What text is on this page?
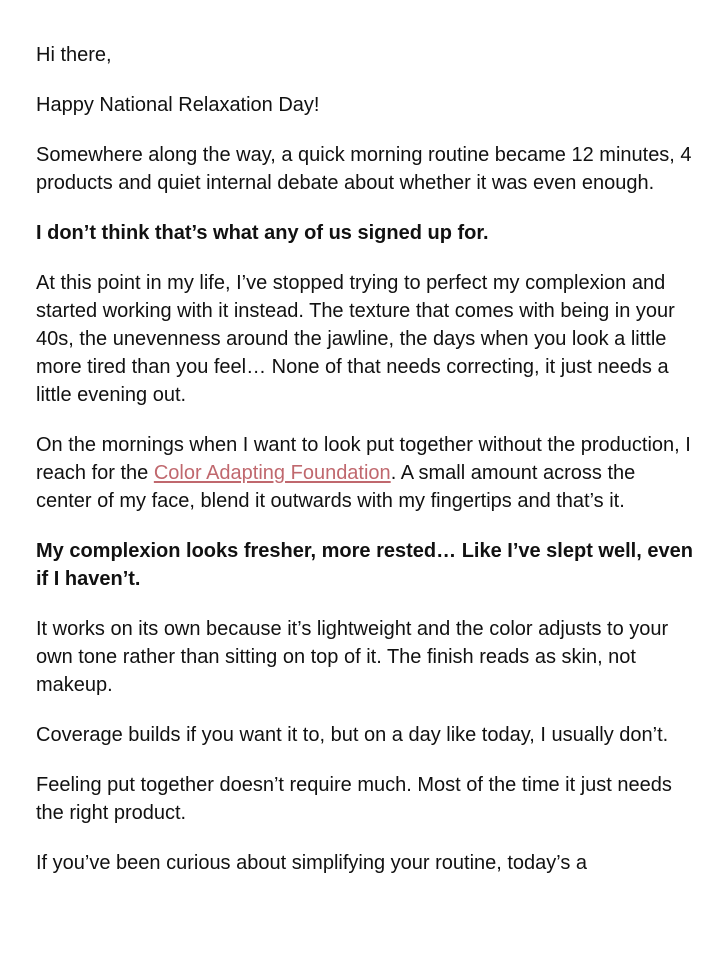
Hi there,

Happy National Relaxation Day!

Somewhere along the way, a quick morning routine became 12 minutes, 4 products and quiet internal debate about whether it was even enough.

I don’t think that’s what any of us signed up for.

At this point in my life, I’ve stopped trying to perfect my complexion and started working with it instead. The texture that comes with being in your 40s, the unevenness around the jawline, the days when you look a little more tired than you feel… None of that needs correcting, it just needs a little evening out.

On the mornings when I want to look put together without the production, I reach for the Color Adapting Foundation. A small amount across the center of my face, blend it outwards with my fingertips and that’s it.

My complexion looks fresher, more rested… Like I’ve slept well, even if I haven’t.

It works on its own because it’s lightweight and the color adjusts to your own tone rather than sitting on top of it. The finish reads as skin, not makeup.

Coverage builds if you want it to, but on a day like today, I usually don’t.

Feeling put together doesn’t require much. Most of the time it just needs the right product.

If you’ve been curious about simplifying your routine, today’s a
